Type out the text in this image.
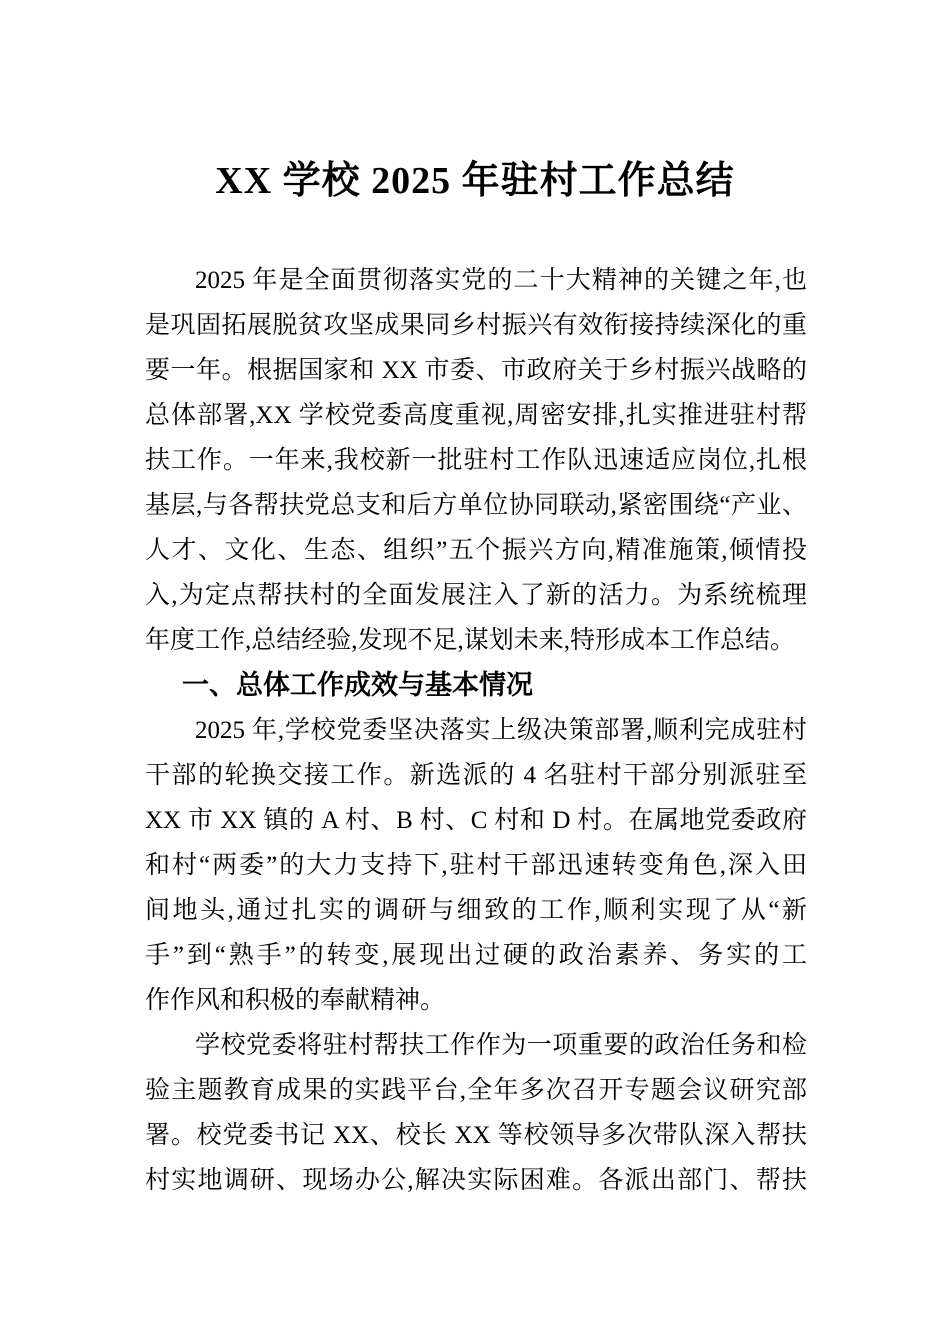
XX 学校 2025 年驻村工作总结
2025 年是全面贯彻落实党的二十大精神的关键之年,也
是巩固拓展脱贫攻坚成果同乡村振兴有效衔接持续深化的重
要一年。根据国家和 XX 市委、市政府关于乡村振兴战略的
总体部署,XX 学校党委高度重视,周密安排,扎实推进驻村帮
扶工作。一年来,我校新一批驻村工作队迅速适应岗位,扎根
基层,与各帮扶党总支和后方单位协同联动,紧密围绕“产业、
人才、文化、生态、组织”五个振兴方向,精准施策,倾情投
入,为定点帮扶村的全面发展注入了新的活力。为系统梳理
年度工作,总结经验,发现不足,谋划未来,特形成本工作总结。
一、总体工作成效与基本情况
2025 年,学校党委坚决落实上级决策部署,顺利完成驻村
干部的轮换交接工作。新选派的 4 名驻村干部分别派驻至
XX 市 XX 镇的 A 村、B 村、C 村和 D 村。在属地党委政府
和村“两委”的大力支持下,驻村干部迅速转变角色,深入田
间地头,通过扎实的调研与细致的工作,顺利实现了从“新
手”到“熟手”的转变,展现出过硬的政治素养、务实的工
作作风和积极的奉献精神。
学校党委将驻村帮扶工作作为一项重要的政治任务和检
验主题教育成果的实践平台,全年多次召开专题会议研究部
署。校党委书记 XX、校长 XX 等校领导多次带队深入帮扶
村实地调研、现场办公,解决实际困难。各派出部门、帮扶
